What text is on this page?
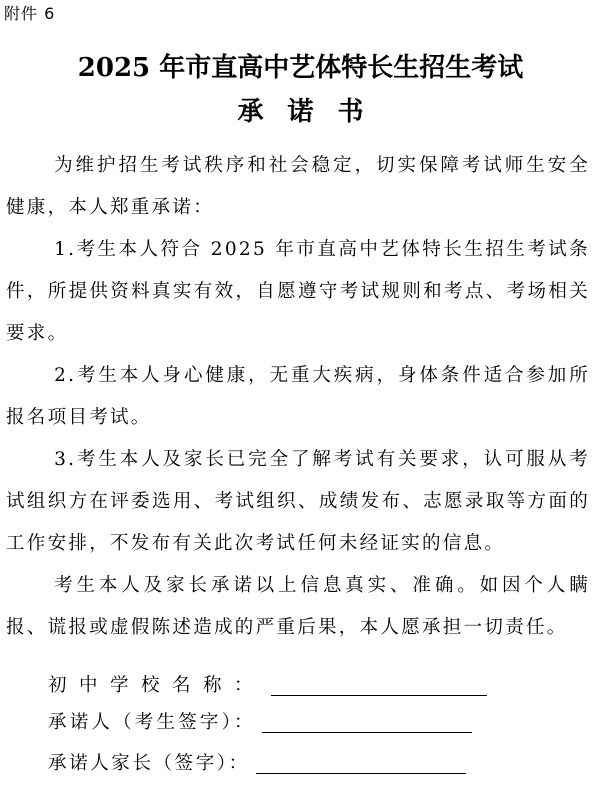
附件 6
2025 年市直高中艺体特长生招生考试
承诺书

为维护招生考试秩序和社会稳定，切实保障考试师生安全健康，本人郑重承诺：

1.考生本人符合 2025 年市直高中艺体特长生招生考试条件，所提供资料真实有效，自愿遵守考试规则和考点、考场相关要求。

2.考生本人身心健康，无重大疾病，身体条件适合参加所报名项目考试。

3.考生本人及家长已完全了解考试有关要求，认可服从考试组织方在评委选用、考试组织、成绩发布、志愿录取等方面的工作安排，不发布有关此次考试任何未经证实的信息。

考生本人及家长承诺以上信息真实、准确。如因个人瞒报、谎报或虚假陈述造成的严重后果，本人愿承担一切责任。

初中学校名称：
承诺人（考生签字）：
承诺人家长（签字）：
